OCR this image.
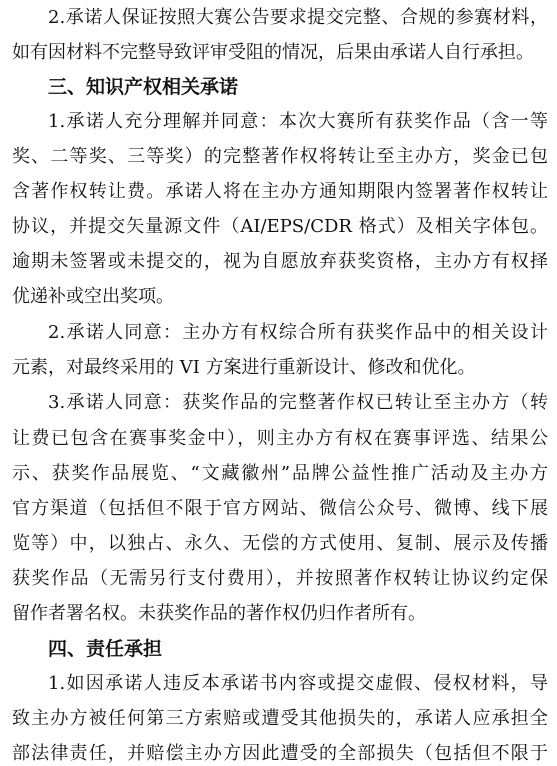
2.承诺人保证按照大赛公告要求提交完整、合规的参赛材料，
如有因材料不完整导致评审受阻的情况，后果由承诺人自行承担。
三、知识产权相关承诺
1.承诺人充分理解并同意：本次大赛所有获奖作品（含一等
奖、二等奖、三等奖）的完整著作权将转让至主办方，奖金已包
含著作权转让费。承诺人将在主办方通知期限内签署著作权转让
协议，并提交矢量源文件（AI/EPS/CDR 格式）及相关字体包。
逾期未签署或未提交的，视为自愿放弃获奖资格，主办方有权择
优递补或空出奖项。
2.承诺人同意：主办方有权综合所有获奖作品中的相关设计
元素，对最终采用的 VI 方案进行重新设计、修改和优化。
3.承诺人同意：获奖作品的完整著作权已转让至主办方（转
让费已包含在赛事奖金中），则主办方有权在赛事评选、结果公
示、获奖作品展览、“文藏徽州”品牌公益性推广活动及主办方
官方渠道（包括但不限于官方网站、微信公众号、微博、线下展
览等）中，以独占、永久、无偿的方式使用、复制、展示及传播
获奖作品（无需另行支付费用），并按照著作权转让协议约定保
留作者署名权。未获奖作品的著作权仍归作者所有。
四、责任承担
1.如因承诺人违反本承诺书内容或提交虚假、侵权材料，导
致主办方被任何第三方索赔或遭受其他损失的，承诺人应承担全
部法律责任，并赔偿主办方因此遭受的全部损失（包括但不限于
